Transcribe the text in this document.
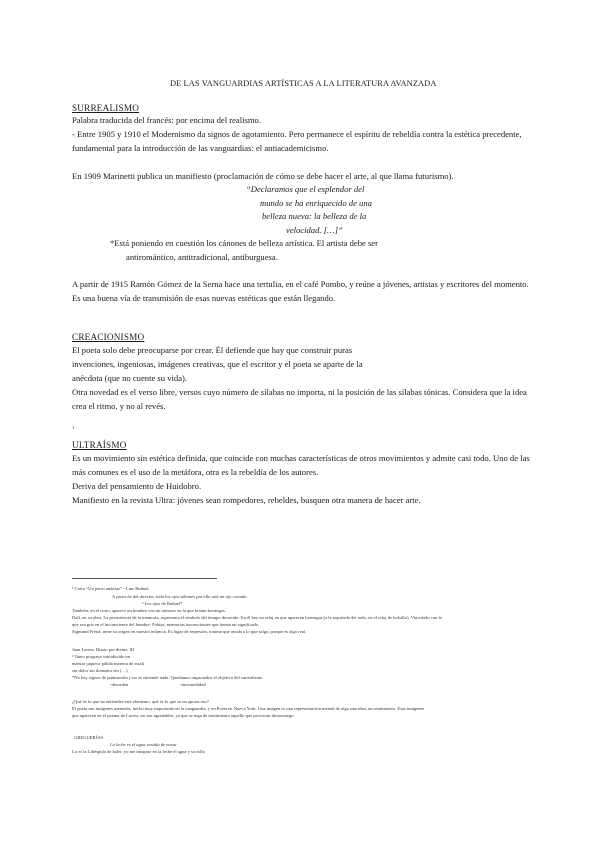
DE LAS VANGUARDIAS ARTÍSTICAS A LA LITERATURA AVANZADA
SURREALISMO
Palabra traducida del francés: por encima del realismo.
- Entre 1905 y 1910 el Modernismo da signos de agotamiento. Pero permanece el espíritu de rebeldía contra la estética precedente,
fundamental para la introducción de las vanguardias: el antiacademicismo.
En 1909 Marinetti publica un manifiesto (proclamación de cómo se debe hacer el arte, al que llama futurismo).
“Declaramos que el esplendor del
mundo se ha enriquecido de una
belleza nueva: la belleza de la
velocidad. […]”
*Está poniendo en cuestión los cánones de belleza artística. El artista debe ser
antiromántico, antitradicional, antiburguesa.
A partir de 1915 Ramón Gómez de la Serna hace una tertulia, en el café Pombo, y reúne a jóvenes, artistas y escritores del momento.
Es una buena vía de transmisión de esas nuevas estéticas que están llegando.
CREACIONISMO
El poeta solo debe preocuparse por crear. Él defiende que hay que construir puras
invenciones, ingeniosas, imágenes creativas, que el escritor y el poeta se aparte de la
anécdota (que no cuente su vida).
Otra novedad es el verso libre, versos cuyo número de sílabas no importa, ni la posición de las sílabas tónicas. Considera que la idea
crea el ritmo, y no al revés.
1
ULTRAÍSMO
Es un movimiento sin estética definida, que coincide con muchas características de otros movimientos y admite casi todo. Uno de las
más comunes es el uso de la metáfora, otra es la rebeldía de los autores.
Deriva del pensamiento de Huidobro.
Manifiesto en la revista Ultra: jóvenes sean rompedores, rebeldes, busquen otra manera de hacer arte.
¹ Corto “Un perro andaluz” - Luis Buñuel.
A partir de del director, toda los ojos saltones por ello sale un ojo cortado.
² Los ojos de Buñuel*
También, en el corto, aparece un hombre con un armario en la que brotan hormigas.
Dalí, en su obra, La persistencia de la memoria, representa el símbolo del tiempo derretido. En él hay un reloj en que aparecen hormigas (a la izquierda del todo, en el reloj de bolsillo). Vinculado con lo
que sea gris en el inconsciente del hombre: Fobias, memorias inconscientes que tienen un significado.
Sigmund Freud, tiene su origen en nuestra infancia. Es lugar de represión, trauma que ayuda a lo que salga, porque es algo real.
Juan Larrea, Diario por diente, III
² Tanto progreso introducido en
nuestra jaqueca pálida materia de estali
sin dolor sin domador sin (…)
*No hay signos de puntuación y no se entiende nada. Quedamos impactados el objetivo del surrealismo.
-desorden	-incomodidad
¿Qué es lo que no entiendes este elemento, qué es lo que se no aporta eso?
El poeta usa imágenes mentales, hecho muy importante en la vanguardia, y en Poeta en Nueva York. Una imagen es una representación mental de algo una idea, un sentimiento. Esas imágenes
que aparecen en el poema de Larrea, no son agradables, ya que se inga de sentimiento aquello que provocan desasosiego.
GREGUERÍAS
La leche es el agua vestida de novia
Lo es la Libéspula de balet: yo me imagino en la leche el agua y su infla
